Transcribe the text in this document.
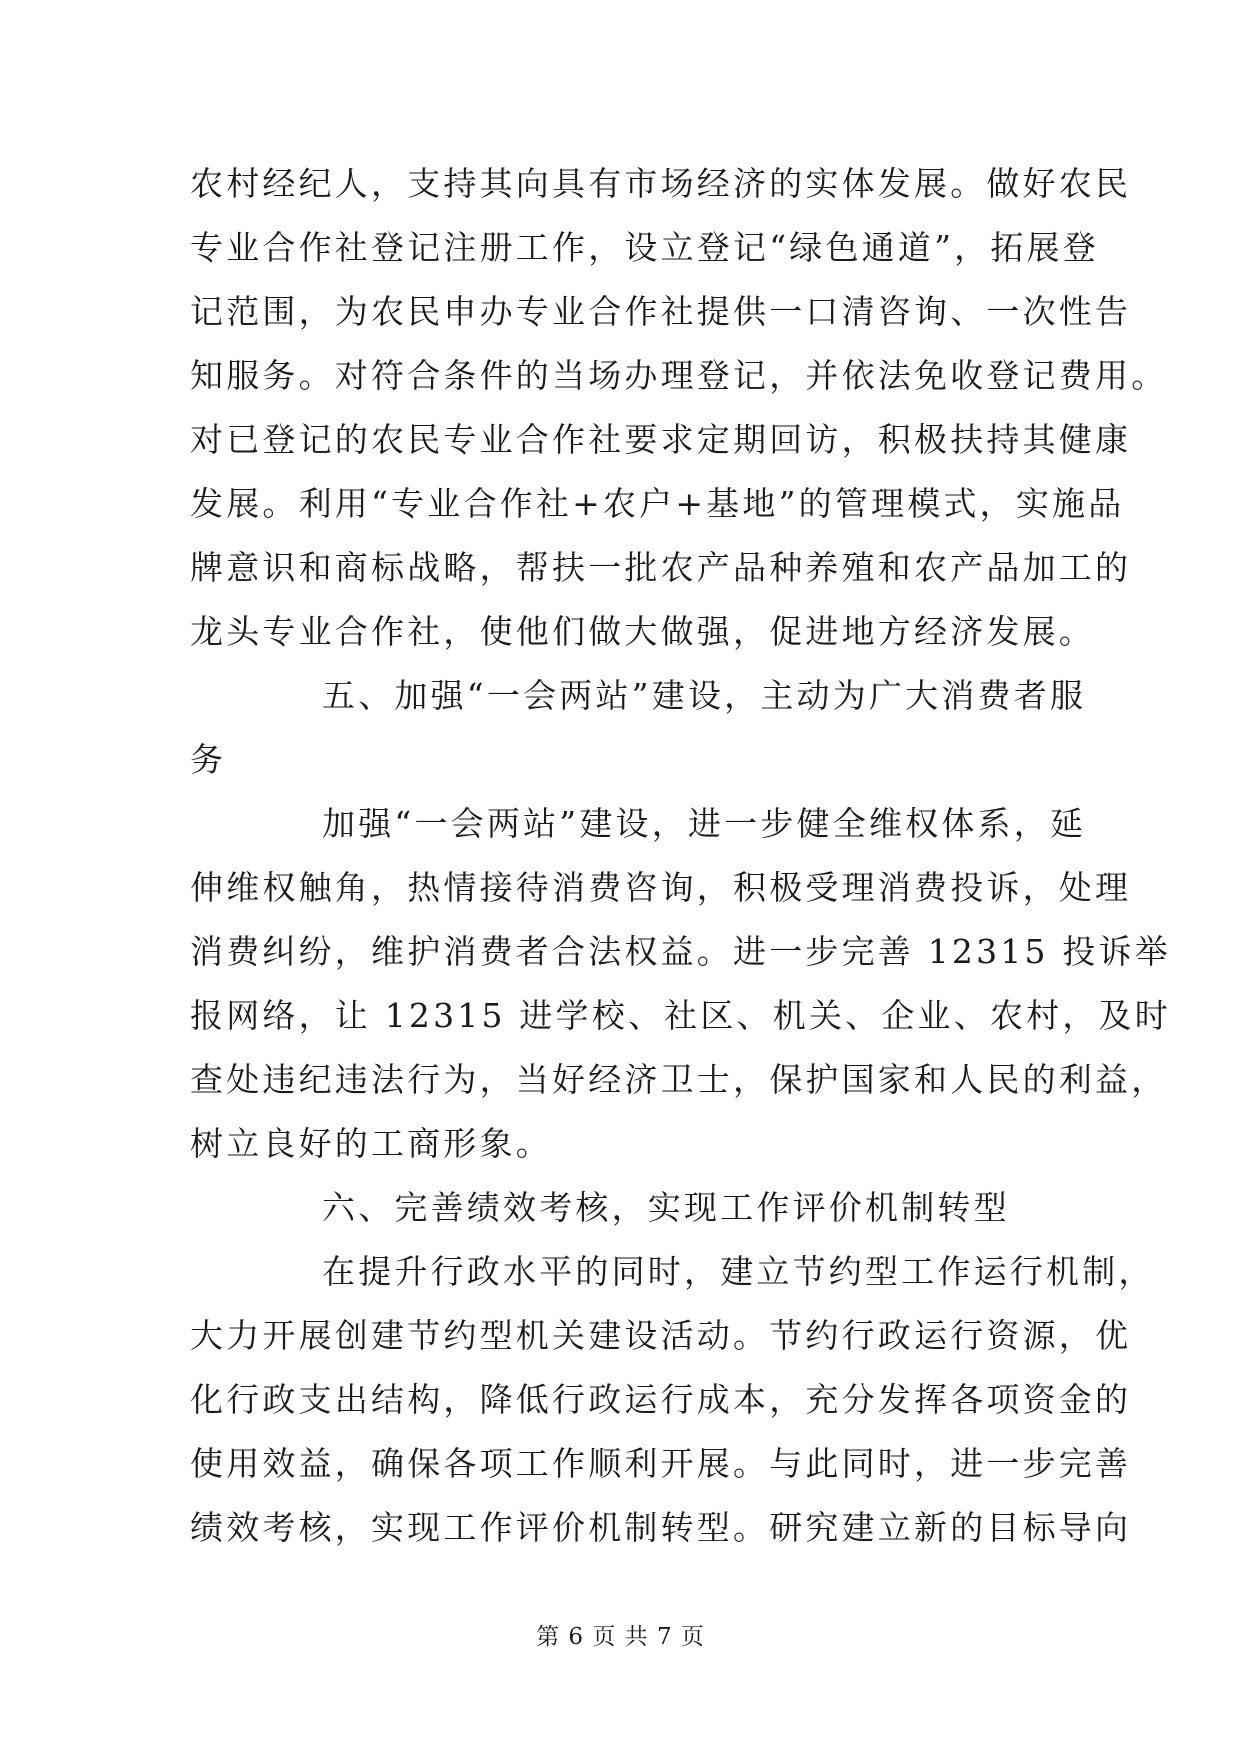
农村经纪人，支持其向具有市场经济的实体发展。做好农民
专业合作社登记注册工作，设立登记“绿色通道”，拓展登
记范围，为农民申办专业合作社提供一口清咨询、一次性告
知服务。对符合条件的当场办理登记，并依法免收登记费用。
对已登记的农民专业合作社要求定期回访，积极扶持其健康
发展。利用“专业合作社+农户+基地”的管理模式，实施品
牌意识和商标战略，帮扶一批农产品种养殖和农产品加工的
龙头专业合作社，使他们做大做强，促进地方经济发展。
五、加强“一会两站”建设，主动为广大消费者服
务
加强“一会两站”建设，进一步健全维权体系，延
伸维权触角，热情接待消费咨询，积极受理消费投诉，处理
消费纠纷，维护消费者合法权益。进一步完善 12315 投诉举
报网络，让 12315 进学校、社区、机关、企业、农村，及时
查处违纪违法行为，当好经济卫士，保护国家和人民的利益，
树立良好的工商形象。
六、完善绩效考核，实现工作评价机制转型
在提升行政水平的同时，建立节约型工作运行机制，
大力开展创建节约型机关建设活动。节约行政运行资源，优
化行政支出结构，降低行政运行成本，充分发挥各项资金的
使用效益，确保各项工作顺利开展。与此同时，进一步完善
绩效考核，实现工作评价机制转型。研究建立新的目标导向
第 6 页 共 7 页
